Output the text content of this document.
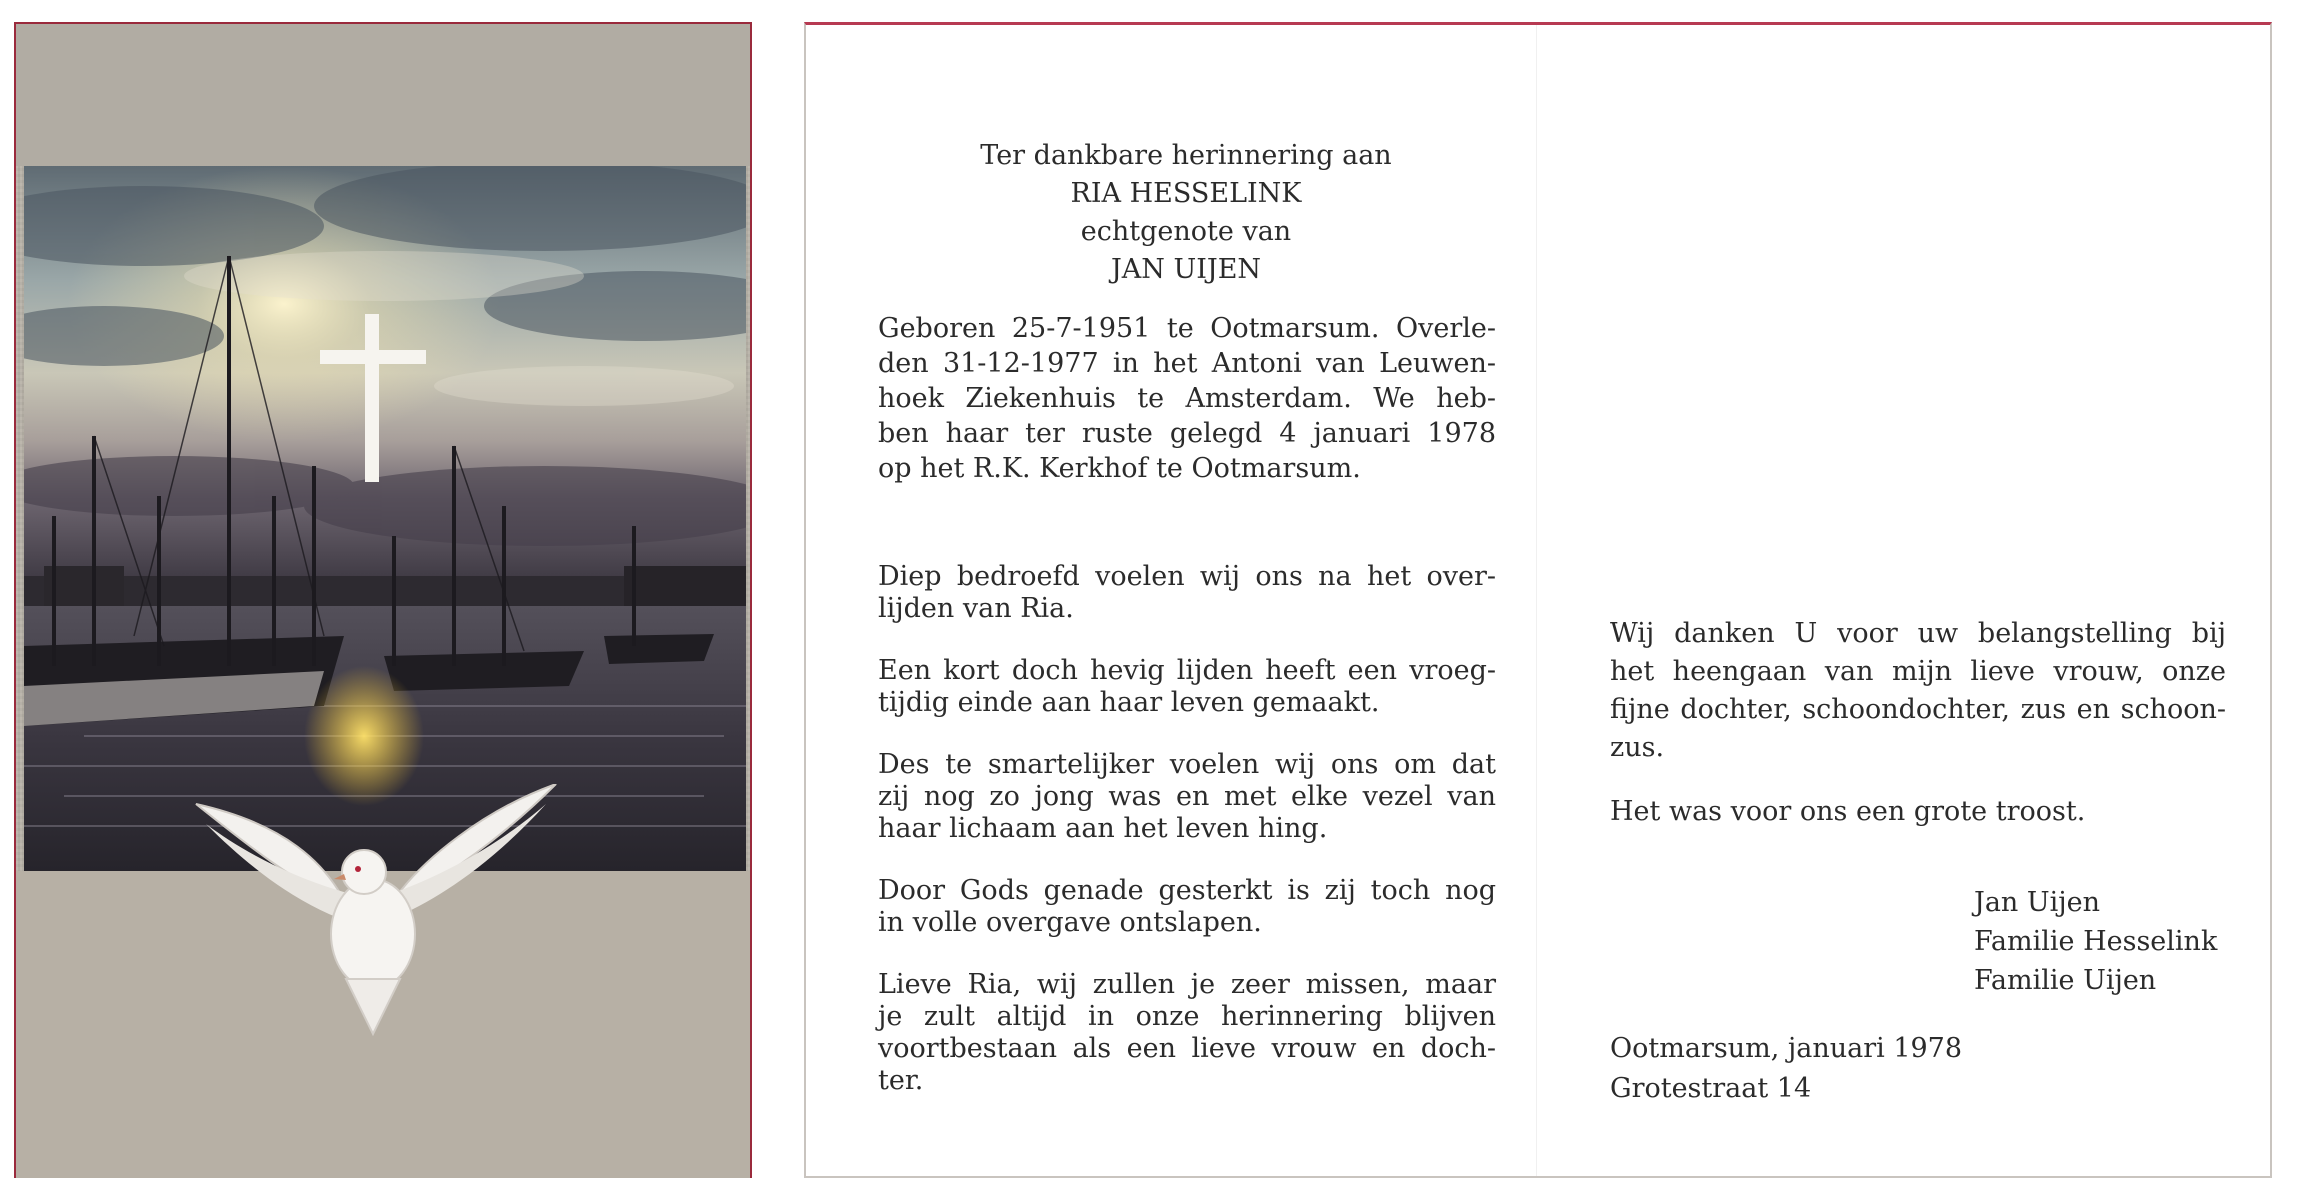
Ter dankbare herinnering aan
RIA HESSELINK
echtgenote van
JAN UIJEN
Geboren 25-7-1951 te Ootmarsum. Overle-
den 31-12-1977 in het Antoni van Leuwen-
hoek Ziekenhuis te Amsterdam. We heb-
ben haar ter ruste gelegd 4 januari 1978
op het R.K. Kerkhof te Ootmarsum.

Diep bedroefd voelen wij ons na het over-
lijden van Ria.

Een kort doch hevig lijden heeft een vroeg-
tijdig einde aan haar leven gemaakt.

Des te smartelijker voelen wij ons om dat
zij nog zo jong was en met elke vezel van
haar lichaam aan het leven hing.

Door Gods genade gesterkt is zij toch nog
in volle overgave ontslapen.

Lieve Ria, wij zullen je zeer missen, maar
je zult altijd in onze herinnering blijven
voortbestaan als een lieve vrouw en doch-
ter.

Wij danken U voor uw belangstelling bij
het heengaan van mijn lieve vrouw, onze
fijne dochter, schoondochter, zus en schoon-
zus.

Het was voor ons een grote troost.

Jan Uijen
Familie Hesselink
Familie Uijen
Ootmarsum, januari 1978
Grotestraat 14
